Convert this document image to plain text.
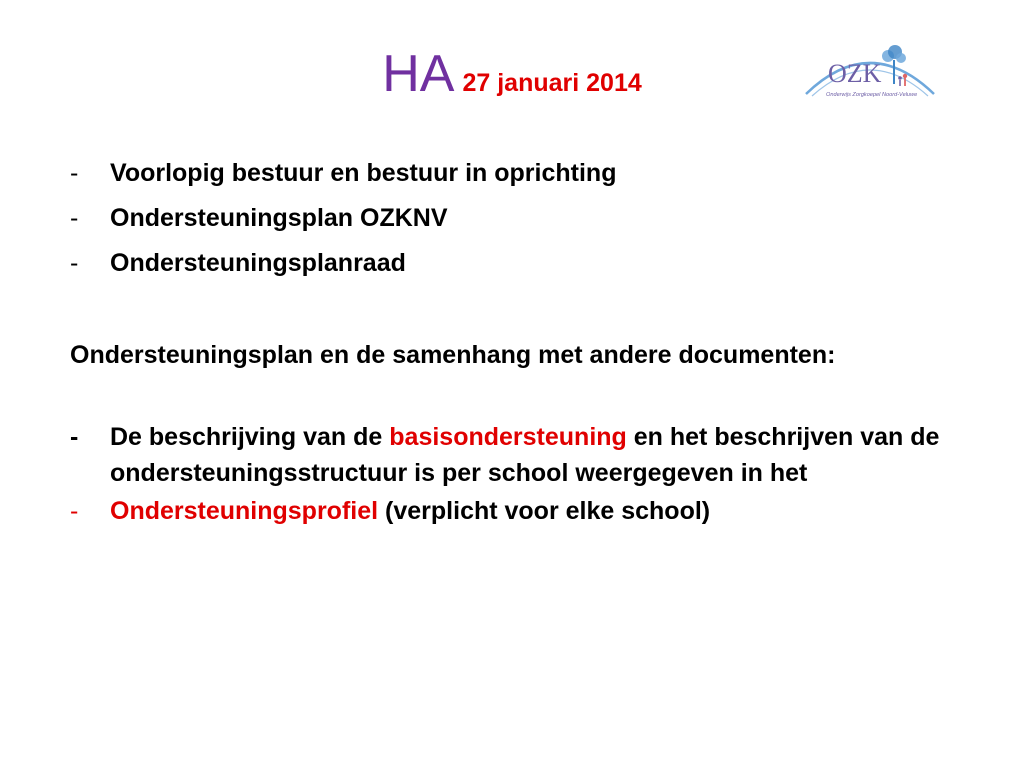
HA 27 januari 2014	OZK
Onderwijs Zorgkoepel Noord-Veluwe
- Voorlopig bestuur en bestuur in oprichting
- Ondersteuningsplan OZKNV
- Ondersteuningsplanraad
Ondersteuningsplan en de samenhang met andere documenten:
- De beschrijving van de basisondersteuning en het beschrijven van de ondersteuningsstructuur is per school weergegeven in het
- Ondersteuningsprofiel (verplicht voor elke school)
